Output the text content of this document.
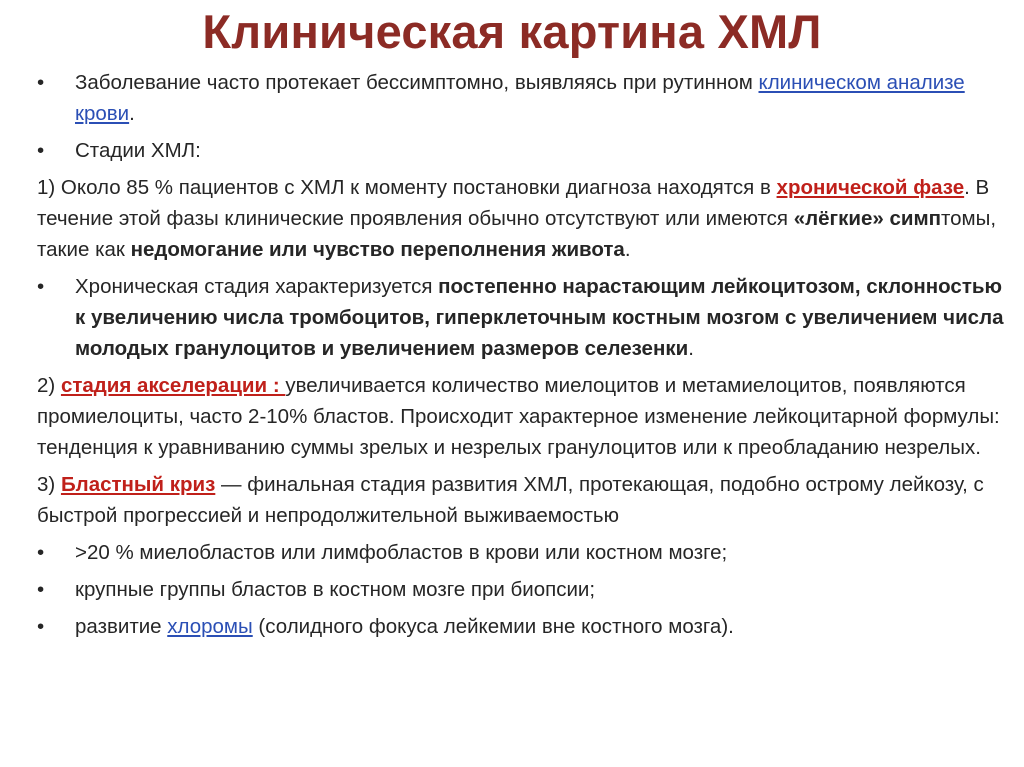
Клиническая картина ХМЛ
• Заболевание часто протекает бессимптомно, выявляясь при рутинном клиническом анализе крови.
• Стадии ХМЛ:
1) Около 85 % пациентов с ХМЛ к моменту постановки диагноза находятся в хронической фазе. В течение этой фазы клинические проявления обычно отсутствуют или имеются «лёгкие» симптомы, такие как недомогание или чувство переполнения живота.
• Хроническая стадия характеризуется постепенно нарастающим лейкоцитозом, склонностью к увеличению числа тромбоцитов, гиперклеточным костным мозгом с увеличением числа молодых гранулоцитов и увеличением размеров селезенки.
2) стадия акселерации : увеличивается количество миелоцитов и метамиелоцитов, появляются промиелоциты, часто 2-10% бластов. Происходит характерное изменение лейкоцитарной формулы: тенденция к уравниванию суммы зрелых и незрелых гранулоцитов или к преобладанию незрелых.
3) Бластный криз — финальная стадия развития ХМЛ, протекающая, подобно острому лейкозу, с быстрой прогрессией и непродолжительной выживаемостью
• >20 % миелобластов или лимфобластов в крови или костном мозге;
• крупные группы бластов в костном мозге при биопсии;
• развитие хлоромы (солидного фокуса лейкемии вне костного мозга).
